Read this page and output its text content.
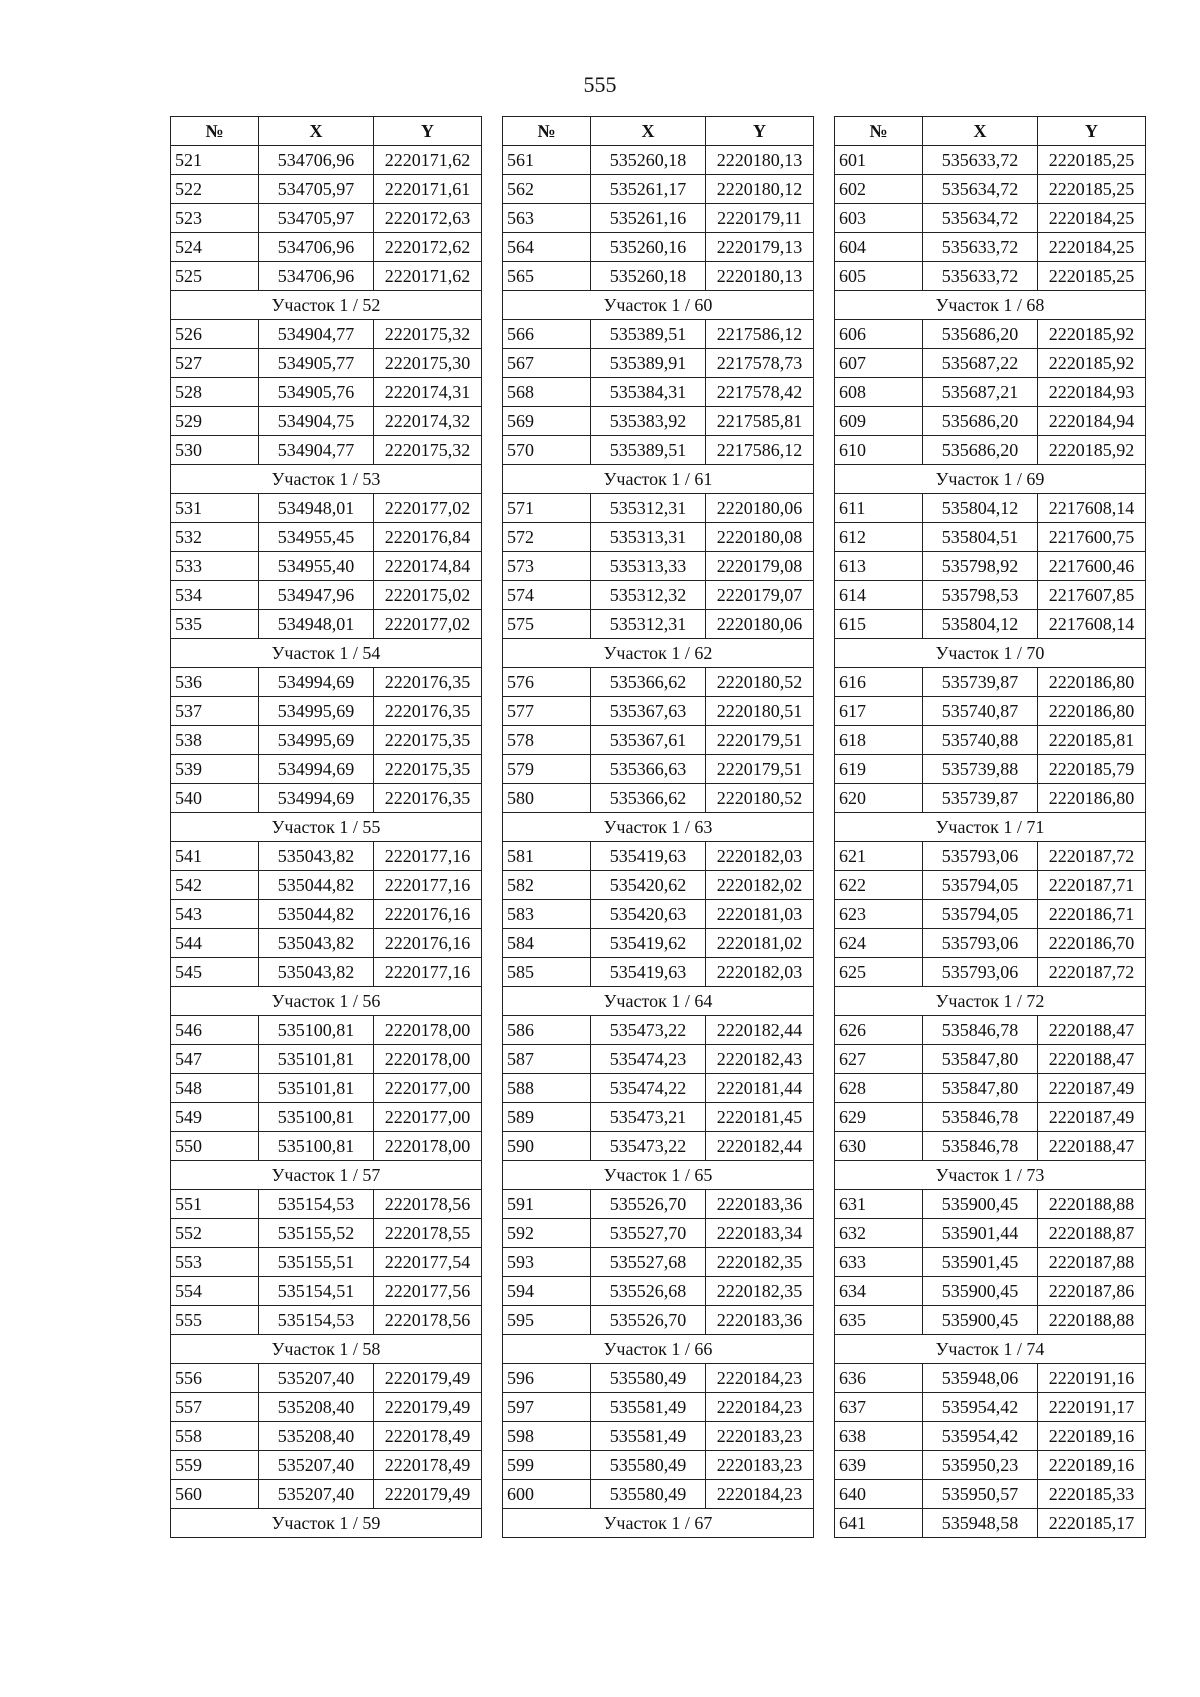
555
№	X	Y
521	534706,96	2220171,62
522	534705,97	2220171,61
523	534705,97	2220172,63
524	534706,96	2220172,62
525	534706,96	2220171,62
Участок 1 / 52		
526	534904,77	2220175,32
527	534905,77	2220175,30
528	534905,76	2220174,31
529	534904,75	2220174,32
530	534904,77	2220175,32
Участок 1 / 53		
531	534948,01	2220177,02
532	534955,45	2220176,84
533	534955,40	2220174,84
534	534947,96	2220175,02
535	534948,01	2220177,02
Участок 1 / 54		
536	534994,69	2220176,35
537	534995,69	2220176,35
538	534995,69	2220175,35
539	534994,69	2220175,35
540	534994,69	2220176,35
Участок 1 / 55		
541	535043,82	2220177,16
542	535044,82	2220177,16
543	535044,82	2220176,16
544	535043,82	2220176,16
545	535043,82	2220177,16
Участок 1 / 56		
546	535100,81	2220178,00
547	535101,81	2220178,00
548	535101,81	2220177,00
549	535100,81	2220177,00
550	535100,81	2220178,00
Участок 1 / 57		
551	535154,53	2220178,56
552	535155,52	2220178,55
553	535155,51	2220177,54
554	535154,51	2220177,56
555	535154,53	2220178,56
Участок 1 / 58		
556	535207,40	2220179,49
557	535208,40	2220179,49
558	535208,40	2220178,49
559	535207,40	2220178,49
560	535207,40	2220179,49
Участок 1 / 59		
№	X	Y
561	535260,18	2220180,13
562	535261,17	2220180,12
563	535261,16	2220179,11
564	535260,16	2220179,13
565	535260,18	2220180,13
Участок 1 / 60		
566	535389,51	2217586,12
567	535389,91	2217578,73
568	535384,31	2217578,42
569	535383,92	2217585,81
570	535389,51	2217586,12
Участок 1 / 61		
571	535312,31	2220180,06
572	535313,31	2220180,08
573	535313,33	2220179,08
574	535312,32	2220179,07
575	535312,31	2220180,06
Участок 1 / 62		
576	535366,62	2220180,52
577	535367,63	2220180,51
578	535367,61	2220179,51
579	535366,63	2220179,51
580	535366,62	2220180,52
Участок 1 / 63		
581	535419,63	2220182,03
582	535420,62	2220182,02
583	535420,63	2220181,03
584	535419,62	2220181,02
585	535419,63	2220182,03
Участок 1 / 64		
586	535473,22	2220182,44
587	535474,23	2220182,43
588	535474,22	2220181,44
589	535473,21	2220181,45
590	535473,22	2220182,44
Участок 1 / 65		
591	535526,70	2220183,36
592	535527,70	2220183,34
593	535527,68	2220182,35
594	535526,68	2220182,35
595	535526,70	2220183,36
Участок 1 / 66		
596	535580,49	2220184,23
597	535581,49	2220184,23
598	535581,49	2220183,23
599	535580,49	2220183,23
600	535580,49	2220184,23
Участок 1 / 67		
№	X	Y
601	535633,72	2220185,25
602	535634,72	2220185,25
603	535634,72	2220184,25
604	535633,72	2220184,25
605	535633,72	2220185,25
Участок 1 / 68		
606	535686,20	2220185,92
607	535687,22	2220185,92
608	535687,21	2220184,93
609	535686,20	2220184,94
610	535686,20	2220185,92
Участок 1 / 69		
611	535804,12	2217608,14
612	535804,51	2217600,75
613	535798,92	2217600,46
614	535798,53	2217607,85
615	535804,12	2217608,14
Участок 1 / 70		
616	535739,87	2220186,80
617	535740,87	2220186,80
618	535740,88	2220185,81
619	535739,88	2220185,79
620	535739,87	2220186,80
Участок 1 / 71		
621	535793,06	2220187,72
622	535794,05	2220187,71
623	535794,05	2220186,71
624	535793,06	2220186,70
625	535793,06	2220187,72
Участок 1 / 72		
626	535846,78	2220188,47
627	535847,80	2220188,47
628	535847,80	2220187,49
629	535846,78	2220187,49
630	535846,78	2220188,47
Участок 1 / 73		
631	535900,45	2220188,88
632	535901,44	2220188,87
633	535901,45	2220187,88
634	535900,45	2220187,86
635	535900,45	2220188,88
Участок 1 / 74		
636	535948,06	2220191,16
637	535954,42	2220191,17
638	535954,42	2220189,16
639	535950,23	2220189,16
640	535950,57	2220185,33
641	535948,58	2220185,17
